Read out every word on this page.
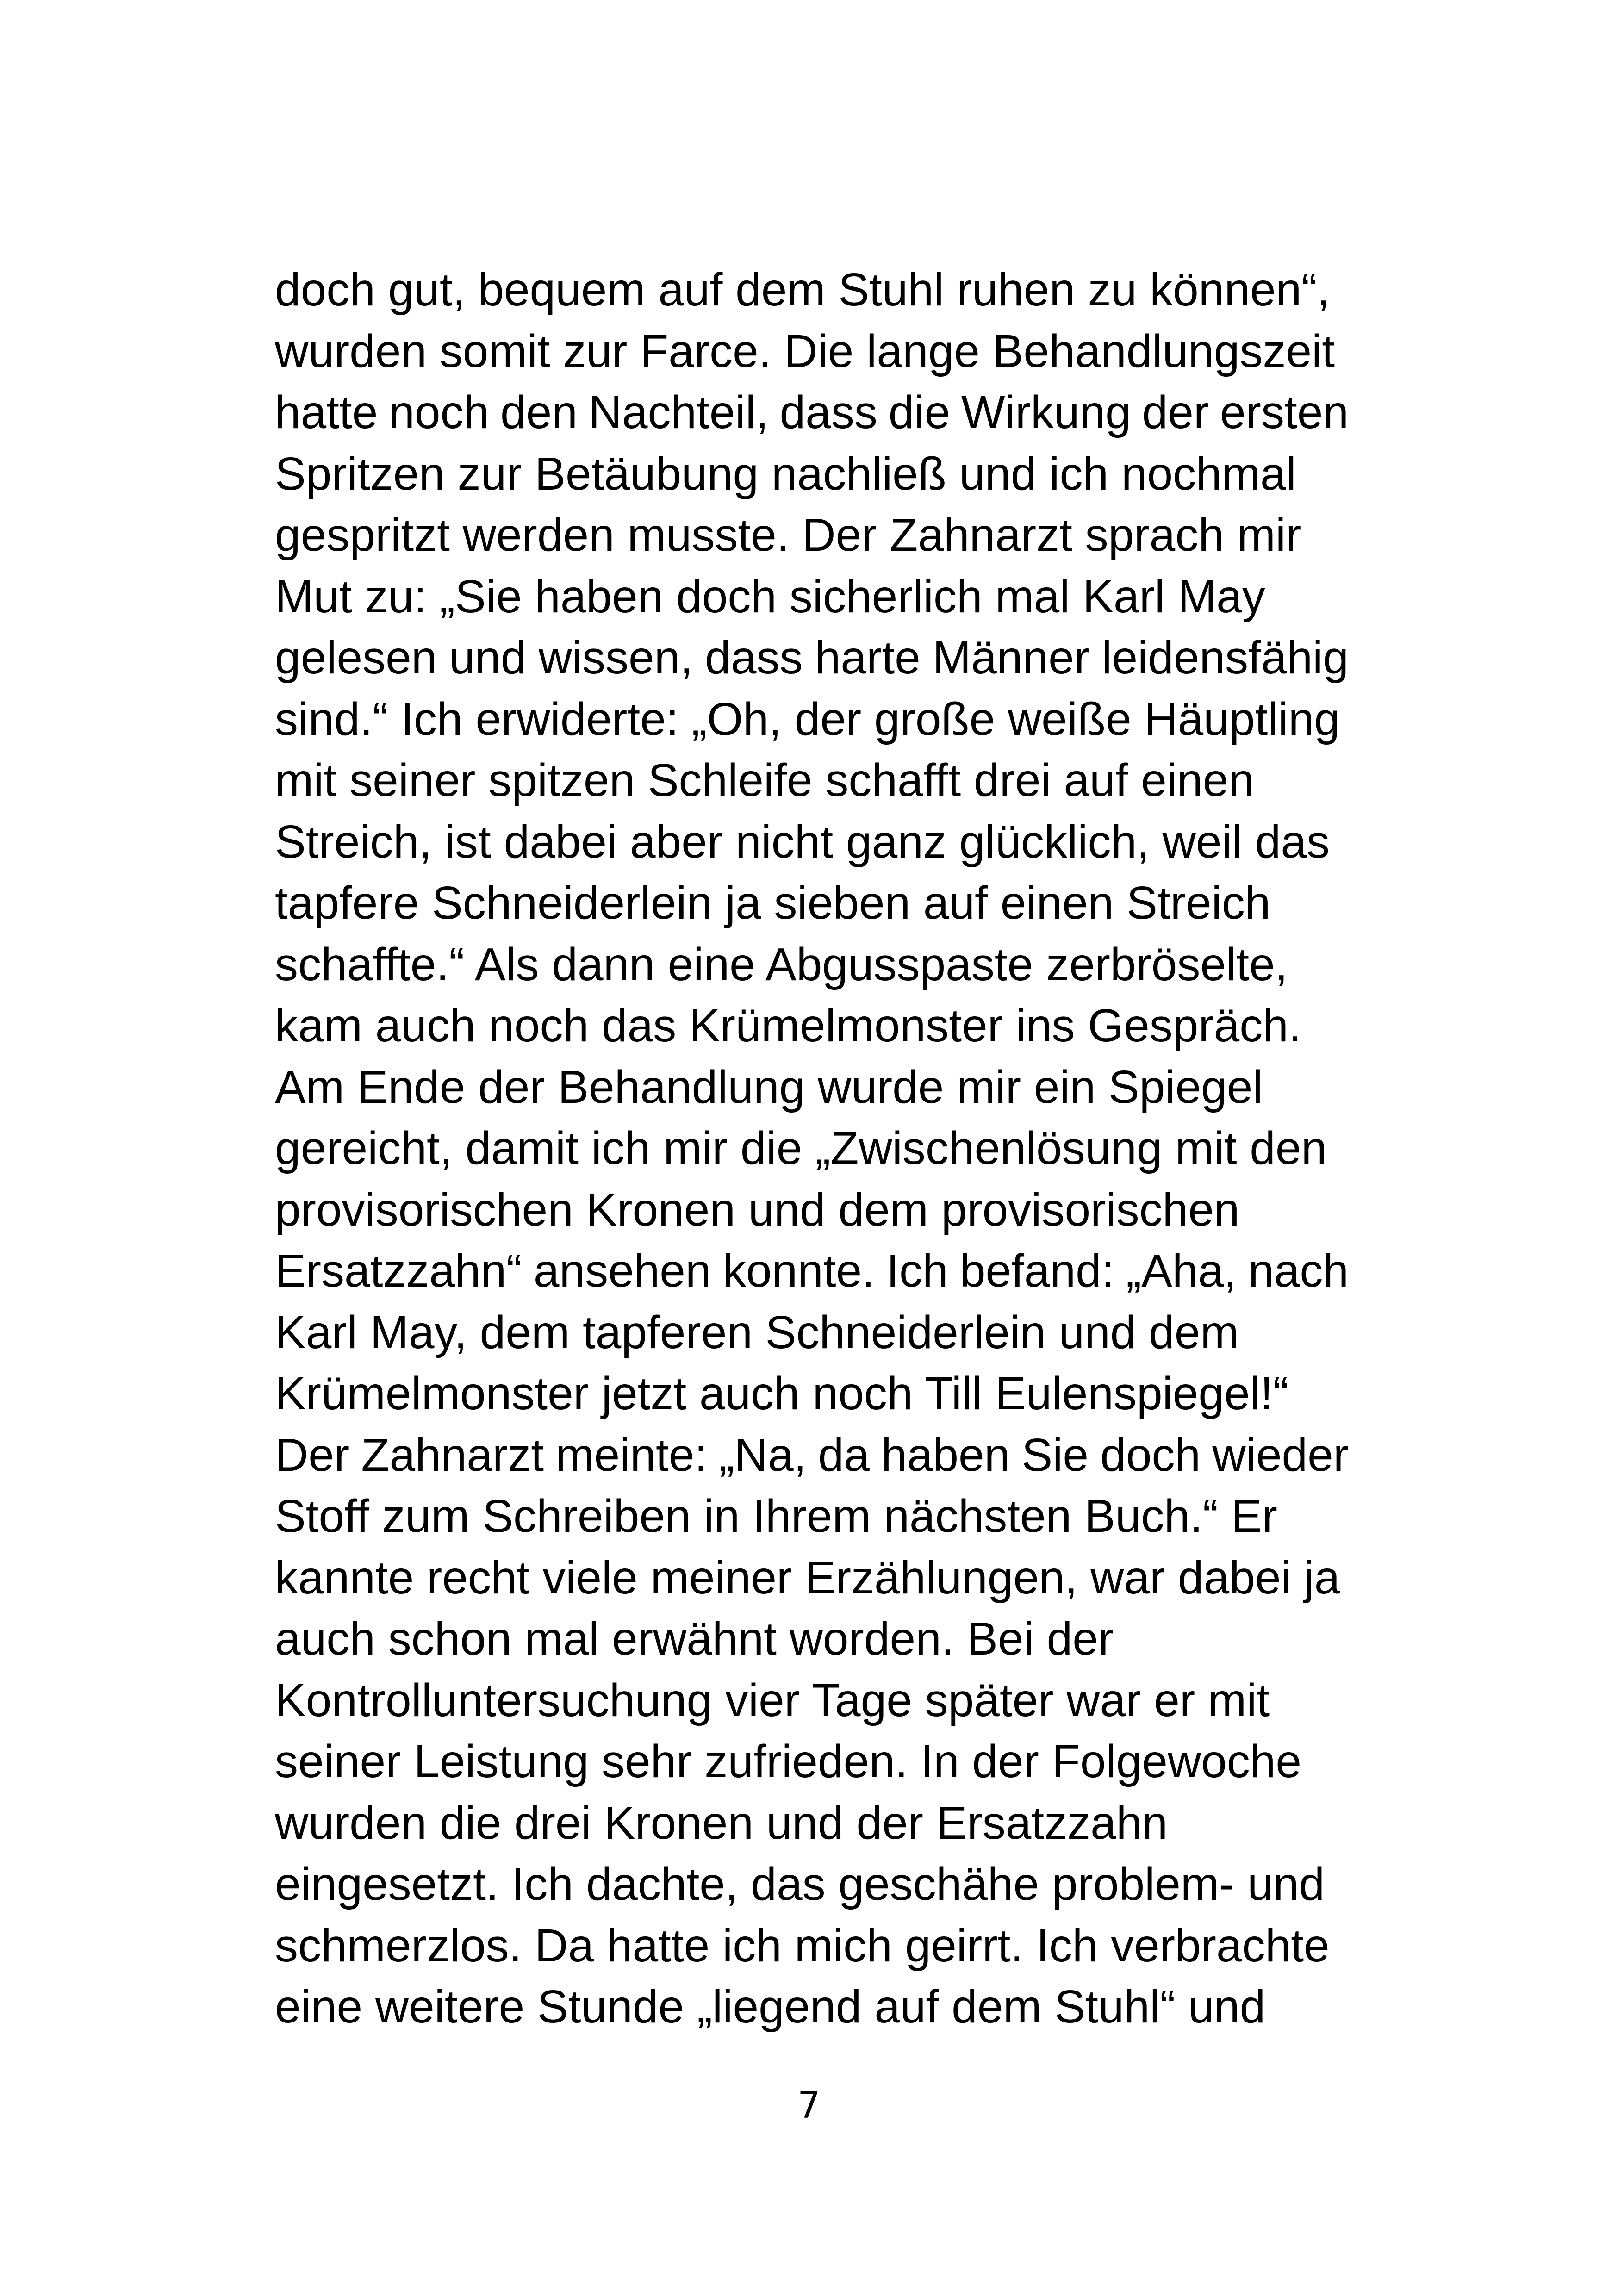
doch gut, bequem auf dem Stuhl ruhen zu können“,
wurden somit zur Farce. Die lange Behandlungszeit
hatte noch den Nachteil, dass die Wirkung der ersten
Spritzen zur Betäubung nachließ und ich nochmal
gespritzt werden musste. Der Zahnarzt sprach mir
Mut zu: „Sie haben doch sicherlich mal Karl May
gelesen und wissen, dass harte Männer leidensfähig
sind.“ Ich erwiderte: „Oh, der große weiße Häuptling
mit seiner spitzen Schleife schafft drei auf einen
Streich, ist dabei aber nicht ganz glücklich, weil das
tapfere Schneiderlein ja sieben auf einen Streich
schaffte.“ Als dann eine Abgusspaste zerbröselte,
kam auch noch das Krümelmonster ins Gespräch.
Am Ende der Behandlung wurde mir ein Spiegel
gereicht, damit ich mir die „Zwischenlösung mit den
provisorischen Kronen und dem provisorischen
Ersatzzahn“ ansehen konnte. Ich befand: „Aha, nach
Karl May, dem tapferen Schneiderlein und dem
Krümelmonster jetzt auch noch Till Eulenspiegel!“
Der Zahnarzt meinte: „Na, da haben Sie doch wieder
Stoff zum Schreiben in Ihrem nächsten Buch.“ Er
kannte recht viele meiner Erzählungen, war dabei ja
auch schon mal erwähnt worden. Bei der
Kontrolluntersuchung vier Tage später war er mit
seiner Leistung sehr zufrieden. In der Folgewoche
wurden die drei Kronen und der Ersatzzahn
eingesetzt. Ich dachte, das geschähe problem- und
schmerzlos. Da hatte ich mich geirrt. Ich verbrachte
eine weitere Stunde „liegend auf dem Stuhl“ und
7
